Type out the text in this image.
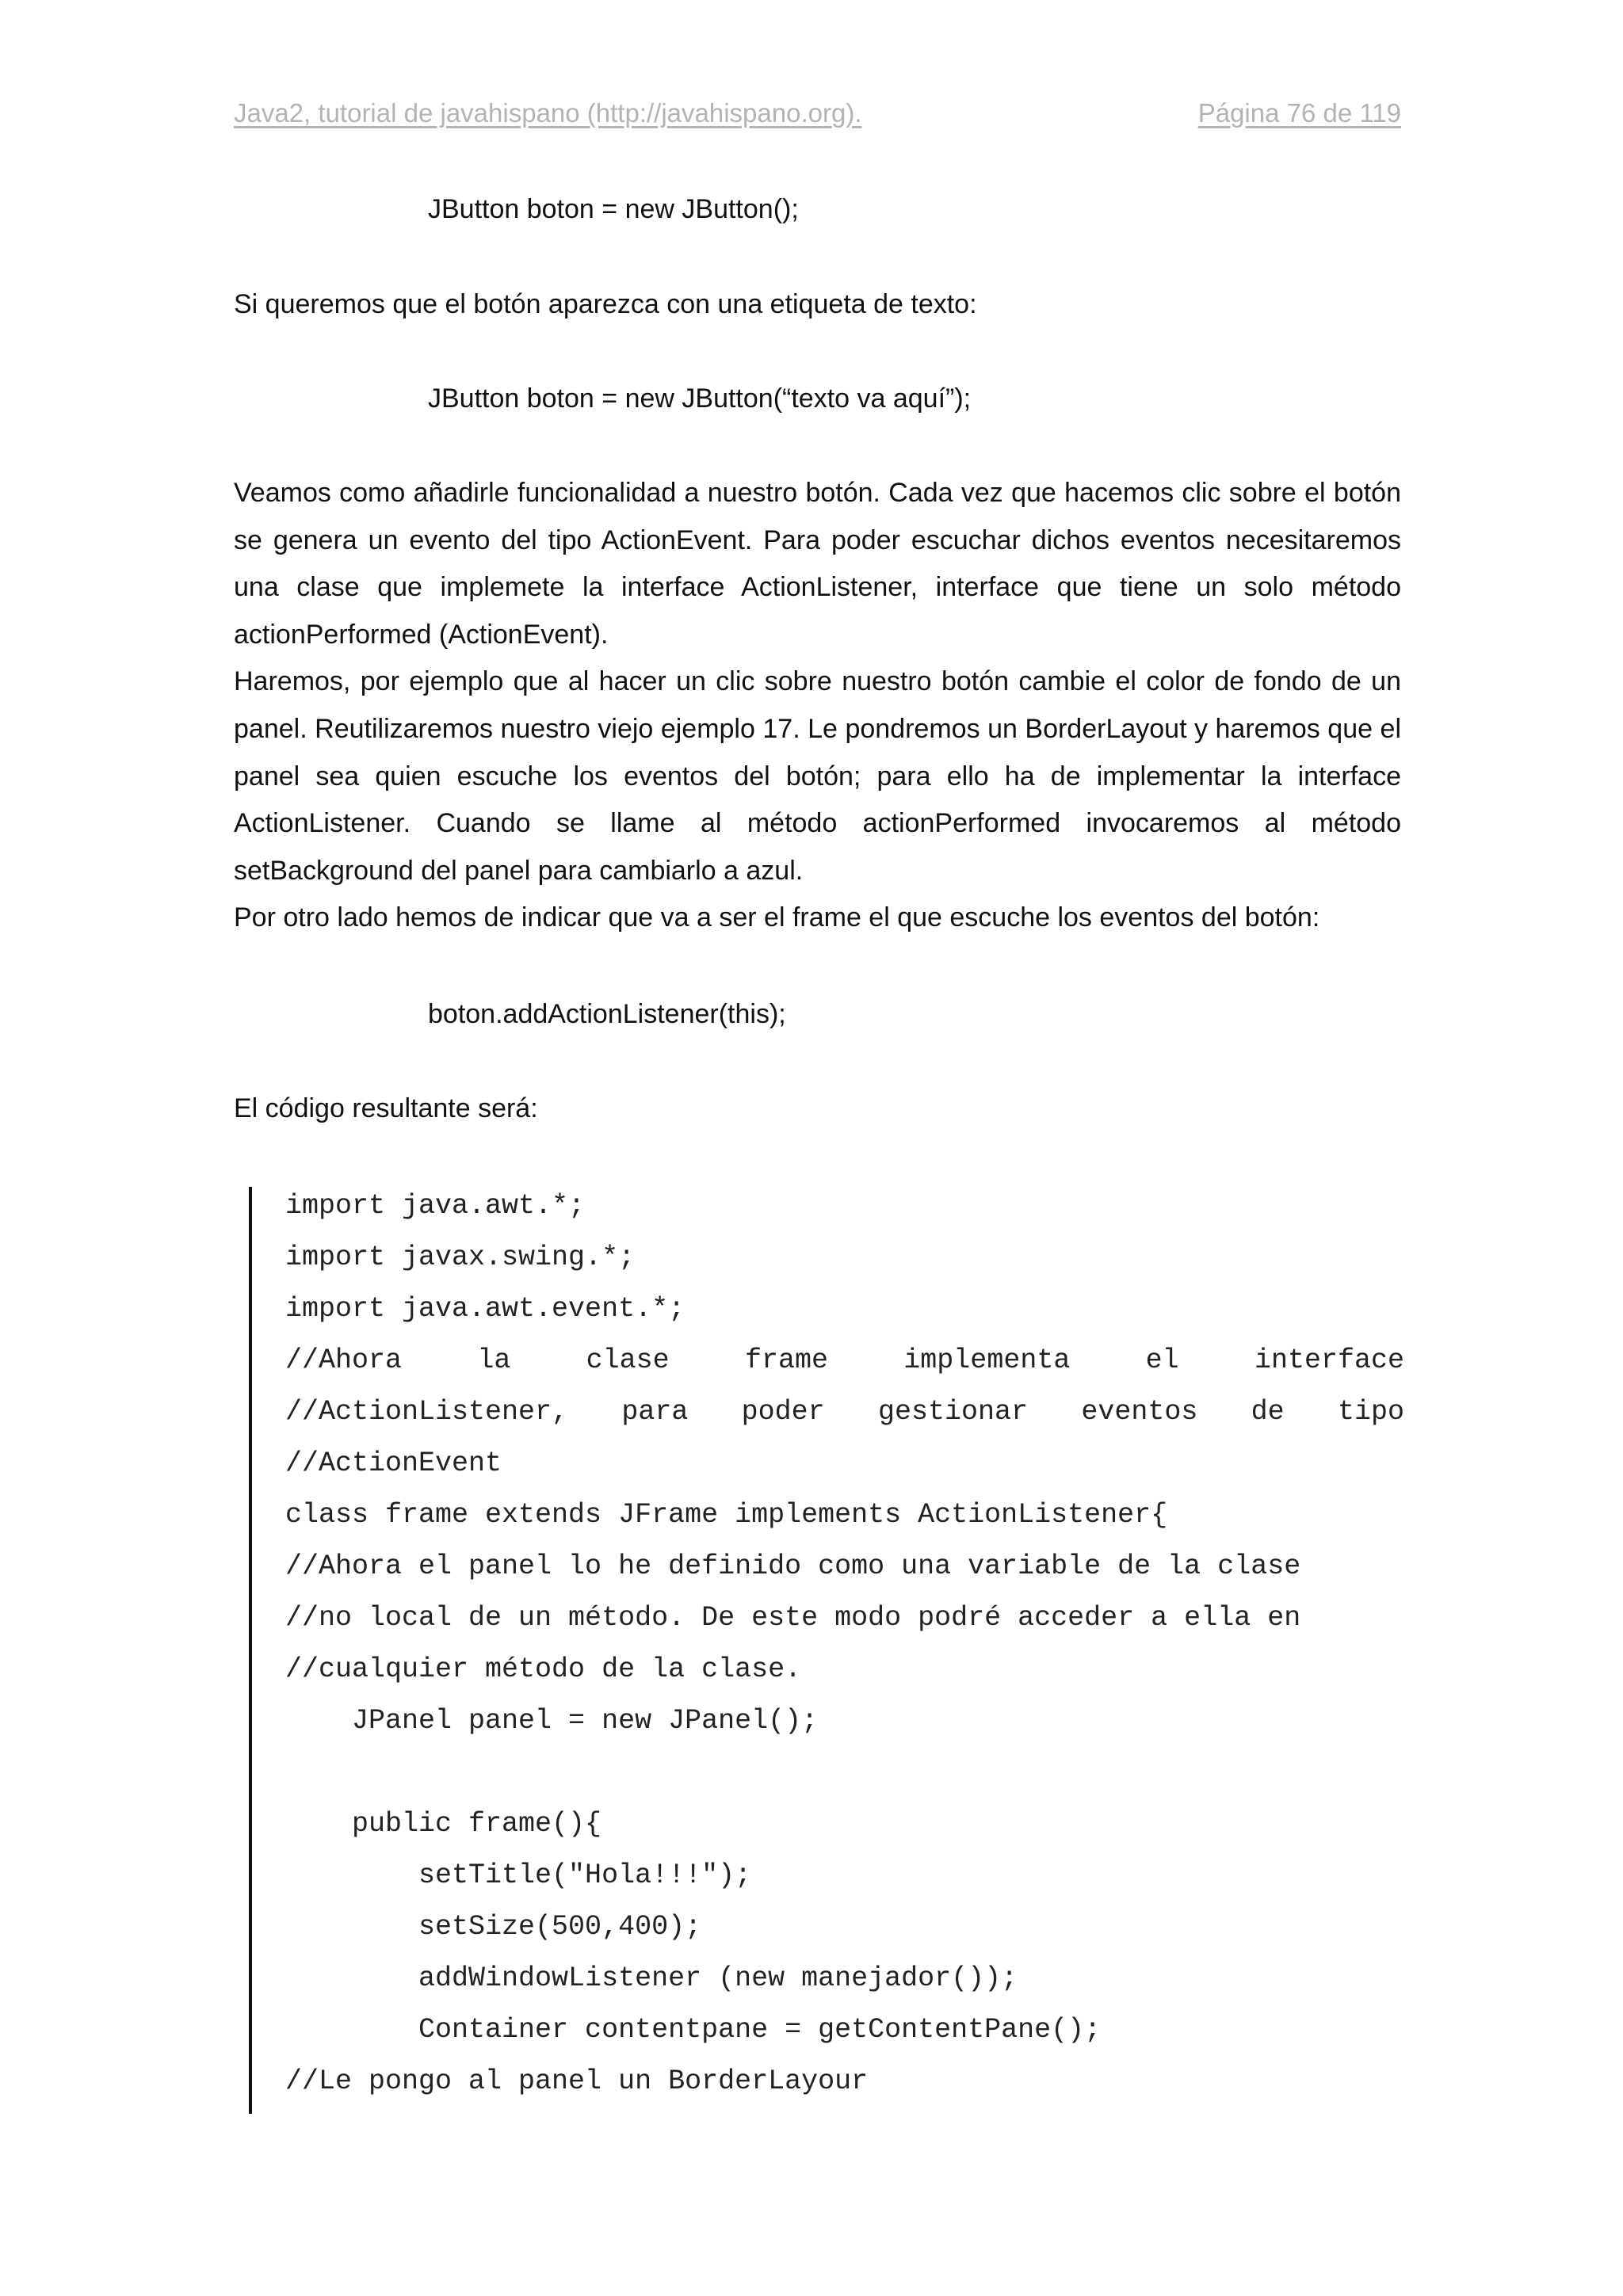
Java2, tutorial de javahispano (http://javahispano.org).	Página 76 de 119
JButton boton = new JButton();
Si queremos que el botón aparezca con una etiqueta de texto:
JButton boton = new JButton(“texto va aquí”);

Veamos como añadirle funcionalidad a nuestro botón. Cada vez que hacemos clic sobre el botón se genera un evento del tipo ActionEvent. Para poder escuchar dichos eventos necesitaremos una clase que implemete la interface ActionListener, interface que tiene un solo método actionPerformed (ActionEvent).

Haremos, por ejemplo que al hacer un clic sobre nuestro botón cambie el color de fondo de un panel. Reutilizaremos nuestro viejo ejemplo 17. Le pondremos un BorderLayout y haremos que el panel sea quien escuche los eventos del botón; para ello ha de implementar la interface ActionListener. Cuando se llame al método actionPerformed invocaremos al método setBackground del panel para cambiarlo a azul.

Por otro lado hemos de indicar que va a ser el frame el que escuche los eventos del botón:

boton.addActionListener(this);
El código resultante será:
import java.awt.*;
import javax.swing.*;
import java.awt.event.*;
//Ahora	la	clase	frame	implementa	el	interface
//ActionListener, para poder gestionar eventos de tipo
//ActionEvent
class frame extends JFrame implements ActionListener{
//Ahora el panel lo he definido como una variable de la clase
//no local de un método. De este modo podré acceder a ella en
//cualquier método de la clase.
JPanel panel = new JPanel();
public frame(){
setTitle("Hola!!!");
setSize(500,400);
addWindowListener (new manejador());
Container contentpane = getContentPane();
//Le pongo al panel un BorderLayour
